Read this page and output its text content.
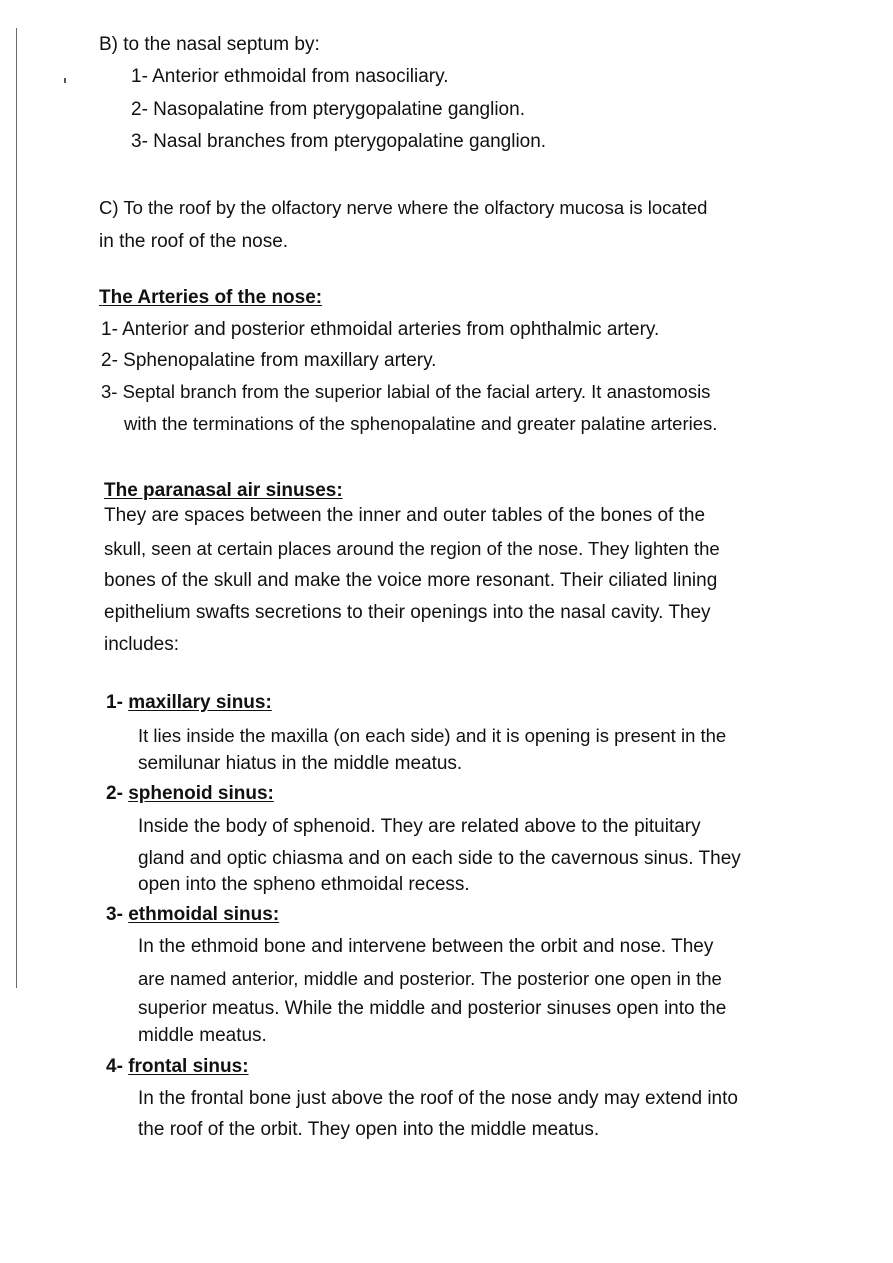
B) to the nasal septum by:
1- Anterior ethmoidal from nasociliary.
2- Nasopalatine from pterygopalatine ganglion.
3- Nasal branches from pterygopalatine ganglion.
C) To the roof by the olfactory nerve where the olfactory mucosa is located
in the roof of the nose.
The Arteries of the nose:
1- Anterior and posterior ethmoidal arteries from ophthalmic artery.
2- Sphenopalatine from maxillary artery.
3- Septal branch from the superior labial of the facial artery. It anastomosis
with the terminations of the sphenopalatine and greater palatine arteries.
The paranasal air sinuses:
They are spaces between the inner and outer tables of the bones of the
skull, seen at certain places around the region of the nose. They lighten the
bones of the skull and make the voice more resonant. Their ciliated lining
epithelium swafts secretions to their openings into the nasal cavity. They
includes:
1- maxillary sinus:
It lies inside the maxilla (on each side) and it is opening is present in the
semilunar hiatus in the middle meatus.
2- sphenoid sinus:
Inside the body of sphenoid. They are related above to the pituitary
gland and optic chiasma and on each side to the cavernous sinus. They
open into the spheno ethmoidal recess.
3- ethmoidal sinus:
In the ethmoid bone and intervene between the orbit and nose. They
are named anterior, middle and posterior. The posterior one open in the
superior meatus. While the middle and posterior sinuses open into the
middle meatus.
4- frontal sinus:
In the frontal bone just above the roof of the nose andy may extend into
the roof of the orbit. They open into the middle meatus.
